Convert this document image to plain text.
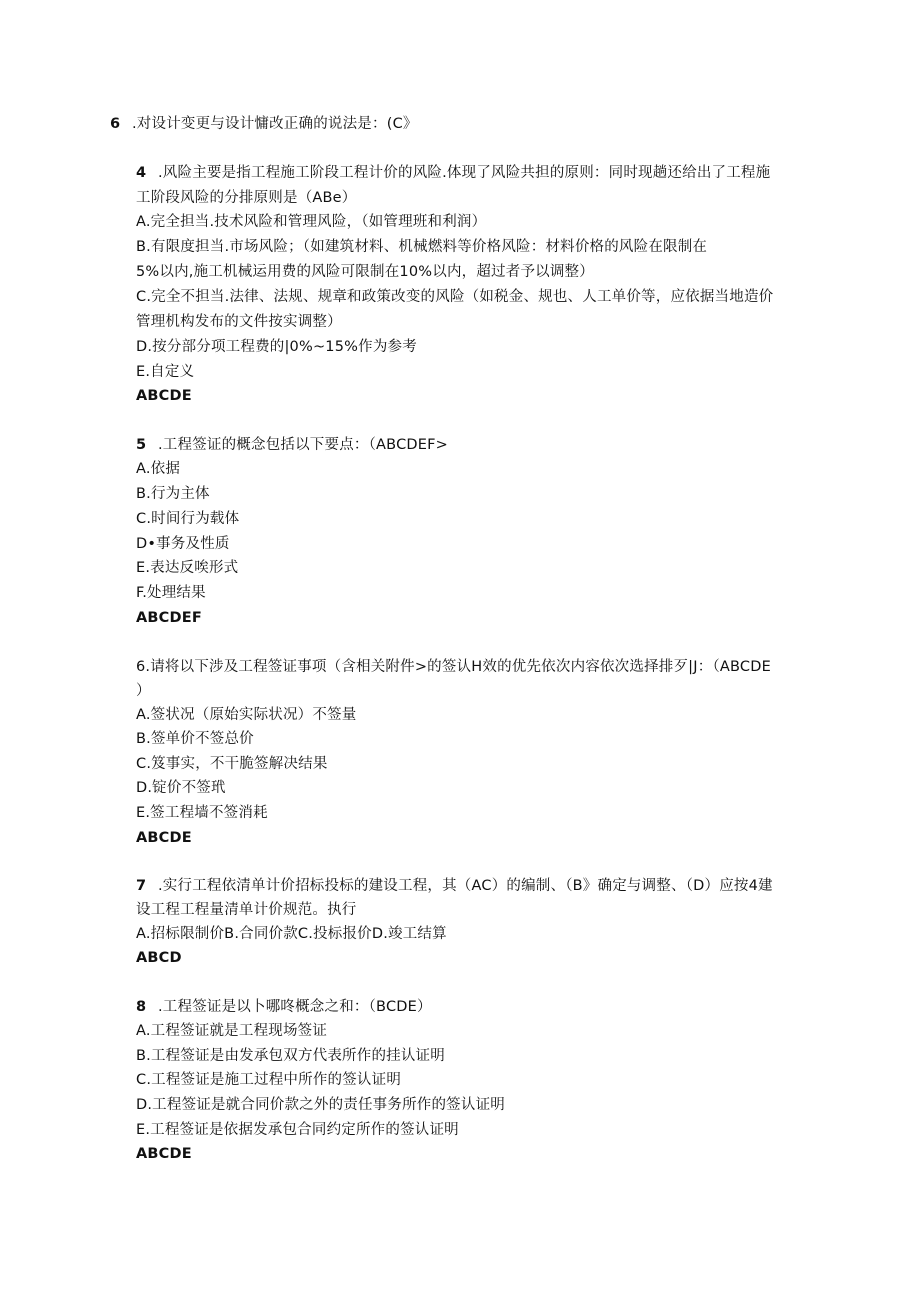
6 .对设计变更与设计慵改正确的说法是：(C》
4 .风险主要是指工程施工阶段工程计价的风险.体现了风险共担的原则：同时现趟还给出了工程施
工阶段风险的分排原则是（ABe）
A.完全担当.技术风险和管理风险，（如管理班和利润）
B.有限度担当.市场风险；（如建筑材料、机械燃料等价格风险：材料价格的风险在限制在
5%以内,施工机械运用费的风险可限制在10%以内，超过者予以调整）
C.完全不担当.法律、法规、规章和政策改变的风险（如税金、规也、人工单价等，应依据当地造价
管理机构发布的文件按实调整）
D.按分部分项工程费的|0%~15%作为参考
E.自定义
ABCDE
5 .工程签证的概念包括以下要点：（ABCDEF>
A.依据
B.行为主体
C.时间行为载体
D•事务及性质
E.表达反唉形式
F.处理结果
ABCDEF
6.请将以下涉及工程签证事项（含相关附件>的签认H效的优先依次内容依次选择排歹|J：（ABCDE
）
A.签状况（原始实际状况）不签量
B.签单价不签总价
C.笈事实，不干脆签解决结果
D.锭价不签玳
E.签工程墙不签消耗
ABCDE
7 .实行工程依清单计价招标投标的建设工程，其（AC）的编制、（B》确定与调整、（D）应按4建
设工程工程量清单计价规范。执行
A.招标限制价B.合同价款C.投标报价D.竣工结算
ABCD
8 .工程签证是以卜哪咚概念之和：（BCDE）
A.工程签证就是工程现场签证
B.工程签证是由发承包双方代表所作的挂认证明
C.工程签证是施工过程中所作的签认证明
D.工程签证是就合同价款之外的责任事务所作的签认证明
E.工程签证是依据发承包合同约定所作的签认证明
ABCDE
